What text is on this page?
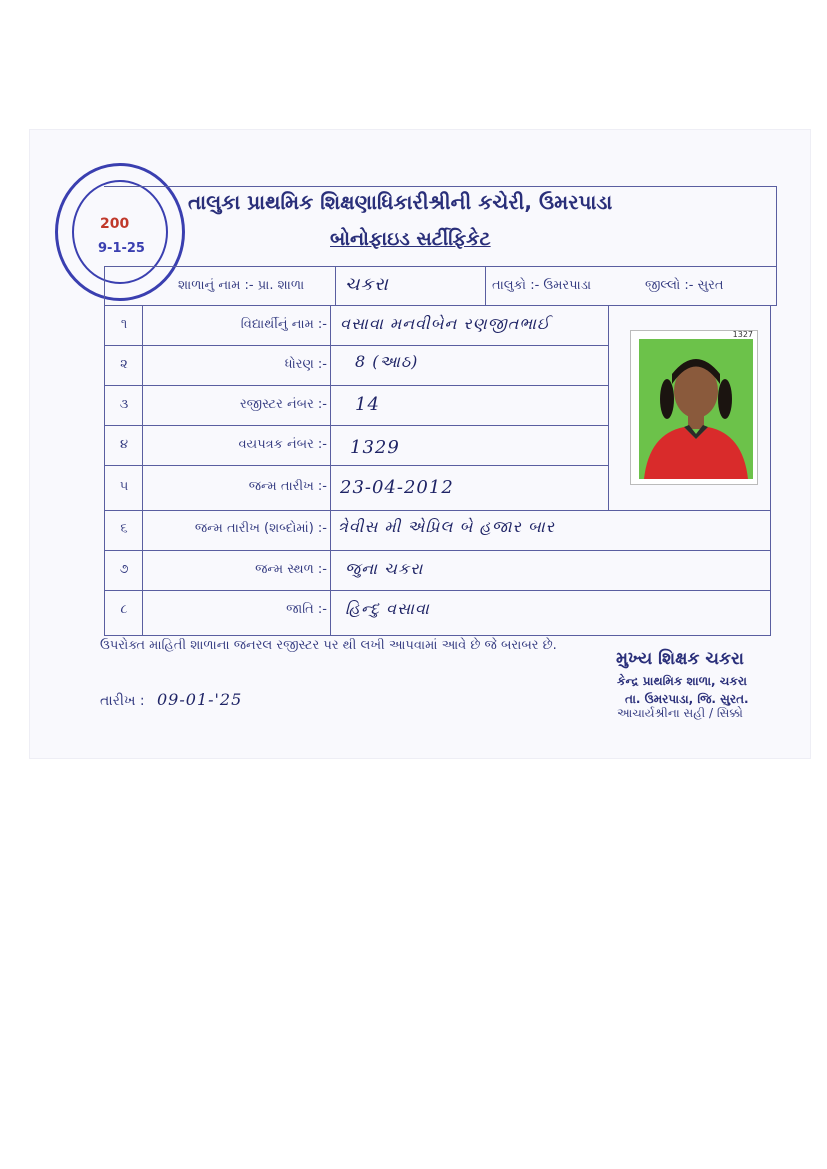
200
9-1-25
તાલુકા પ્રાથમિક શિક્ષણાધિકારીશ્રીની કચેરી, ઉમરપાડા
બોનોફાઇડ સર્ટીફિકેટ
શાળાનું નામ :- પ્રા. શાળા ચકરા	તાલુકો :- ઉમરપાડા	જીલ્લો :- સુરત
૧	વિદ્યાર્થીનું નામ :- વસાવા મનવીબેન રણજીતભાઈ
૨	ધોરણ :- 8 (આઠ)
૩	રજીસ્ટર નંબર :- 14
૪	વયપત્રક નંબર :- 1329
૫	જન્મ તારીખ :- 23-04-2012
૬	જન્મ તારીખ (શબ્દોમાં) :- ત્રેવીસ મી એપ્રિલ બે હજાર બાર
૭	જન્મ સ્થળ :- જુના ચકરા
૮	જાતિ :- હિન્દુ વસાવા
1327
ઉપરોક્ત માહિતી શાળાના જનરલ રજીસ્ટર પર થી લખી આપવામાં આવે છે જે બરાબર છે.
મુખ્ય શિક્ષક ચકરા
કેન્દ્ર પ્રાથમિક શાળા, ચકરા
તા. ઉમરપાડા, જિ. સુરત.
આચાર્યશ્રીના સહી / સિક્કો
તારીખ : 09-01-'25
